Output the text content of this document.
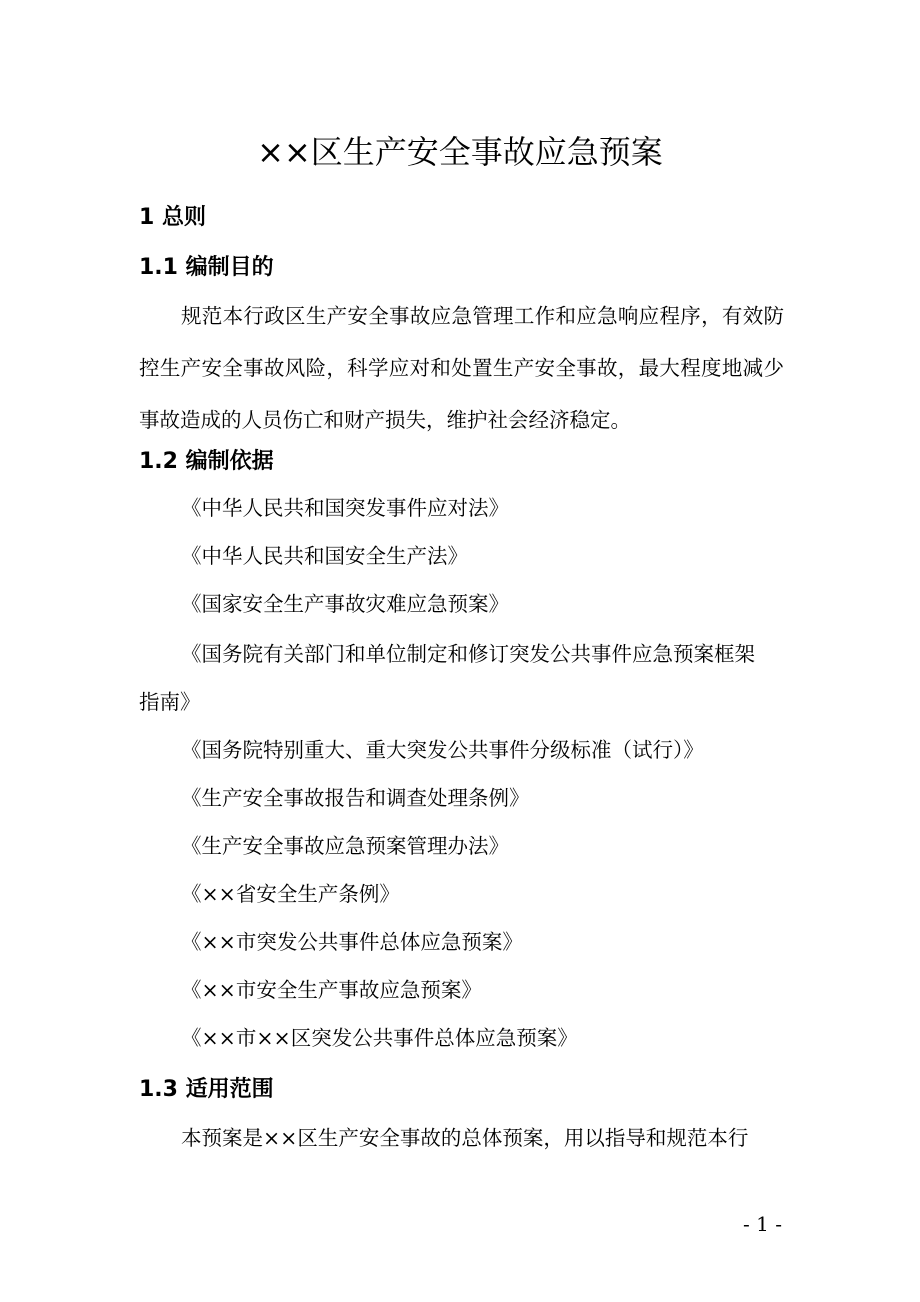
××区生产安全事故应急预案
1 总则
1.1 编制目的

规范本行政区生产安全事故应急管理工作和应急响应程序，有效防控生产安全事故风险，科学应对和处置生产安全事故，最大程度地减少事故造成的人员伤亡和财产损失，维护社会经济稳定。

1.2 编制依据

《中华人民共和国突发事件应对法》

《中华人民共和国安全生产法》

《国家安全生产事故灾难应急预案》

《国务院有关部门和单位制定和修订突发公共事件应急预案框架

指南》

《国务院特别重大、重大突发公共事件分级标准（试行）》

《生产安全事故报告和调查处理条例》

《生产安全事故应急预案管理办法》

《××省安全生产条例》

《××市突发公共事件总体应急预案》

《××市安全生产事故应急预案》

《××市××区突发公共事件总体应急预案》

1.3 适用范围

本预案是××区生产安全事故的总体预案，用以指导和规范本行

- 1 -
